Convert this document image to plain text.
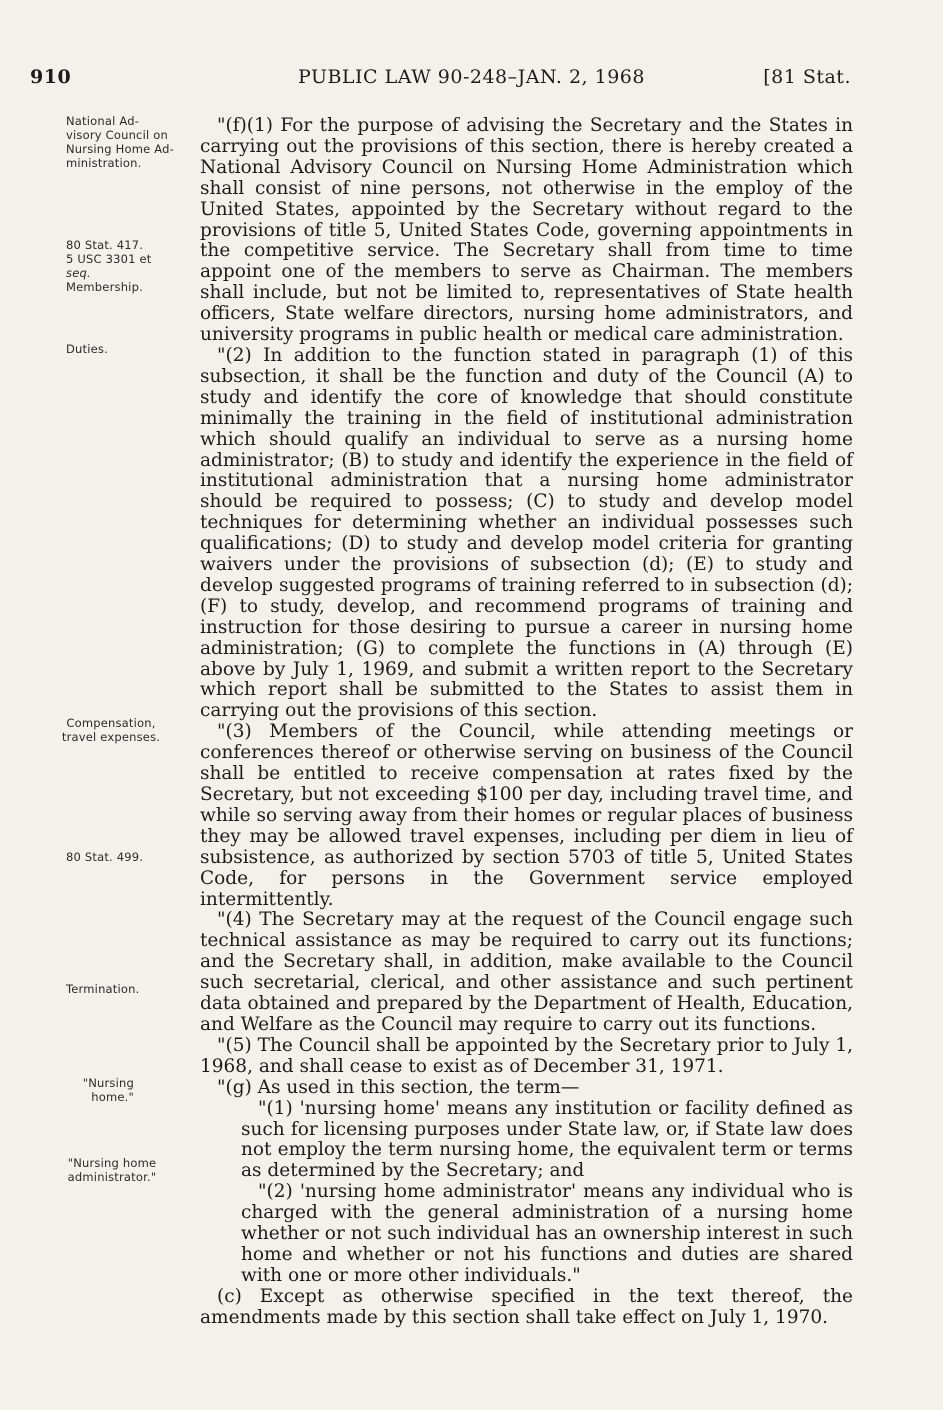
910	PUBLIC LAW 90-248–JAN. 2, 1968	[81 Stat.
National Ad-
visory Council on
Nursing Home Ad-
ministration.
80 Stat. 417.
5 USC 3301 et
seq.
Membership.
Duties.
Compensation,
travel expenses.
80 Stat. 499.
Termination.
"Nursing
home."
"Nursing home
administrator."

"(f)(1) For the purpose of advising the Secretary and the States in carrying out the provisions of this section, there is hereby created a National Advisory Council on Nursing Home Administration which shall consist of nine persons, not otherwise in the employ of the United States, appointed by the Secretary without regard to the provisions of title 5, United States Code, governing appointments in the competitive service. The Secretary shall from time to time appoint one of the members to serve as Chairman. The members shall include, but not be limited to, representatives of State health officers, State welfare directors, nursing home administrators, and university programs in public health or medical care administration.

"(2) In addition to the function stated in paragraph (1) of this subsection, it shall be the function and duty of the Council (A) to study and identify the core of knowledge that should constitute minimally the training in the field of institutional administration which should qualify an individual to serve as a nursing home administrator; (B) to study and identify the experience in the field of institutional administration that a nursing home administrator should be required to possess; (C) to study and develop model techniques for determining whether an individual possesses such qualifications; (D) to study and develop model criteria for granting waivers under the provisions of subsection (d); (E) to study and develop suggested programs of training referred to in subsection (d); (F) to study, develop, and recommend programs of training and instruction for those desiring to pursue a career in nursing home administration; (G) to complete the functions in (A) through (E) above by July 1, 1969, and submit a written report to the Secretary which report shall be submitted to the States to assist them in carrying out the provisions of this section.

"(3) Members of the Council, while attending meetings or conferences thereof or otherwise serving on business of the Council shall be entitled to receive compensation at rates fixed by the Secretary, but not exceeding $100 per day, including travel time, and while so serving away from their homes or regular places of business they may be allowed travel expenses, including per diem in lieu of subsistence, as authorized by section 5703 of title 5, United States Code, for persons in the Government service employed intermittently.

"(4) The Secretary may at the request of the Council engage such technical assistance as may be required to carry out its functions; and the Secretary shall, in addition, make available to the Council such secretarial, clerical, and other assistance and such pertinent data obtained and prepared by the Department of Health, Education, and Welfare as the Council may require to carry out its functions.

"(5) The Council shall be appointed by the Secretary prior to July 1, 1968, and shall cease to exist as of December 31, 1971.

"(g) As used in this section, the term—

"(1) 'nursing home' means any institution or facility defined as such for licensing purposes under State law, or, if State law does not employ the term nursing home, the equivalent term or terms as determined by the Secretary; and

"(2) 'nursing home administrator' means any individual who is charged with the general administration of a nursing home whether or not such individual has an ownership interest in such home and whether or not his functions and duties are shared with one or more other individuals."

(c) Except as otherwise specified in the text thereof, the amendments made by this section shall take effect on July 1, 1970.
